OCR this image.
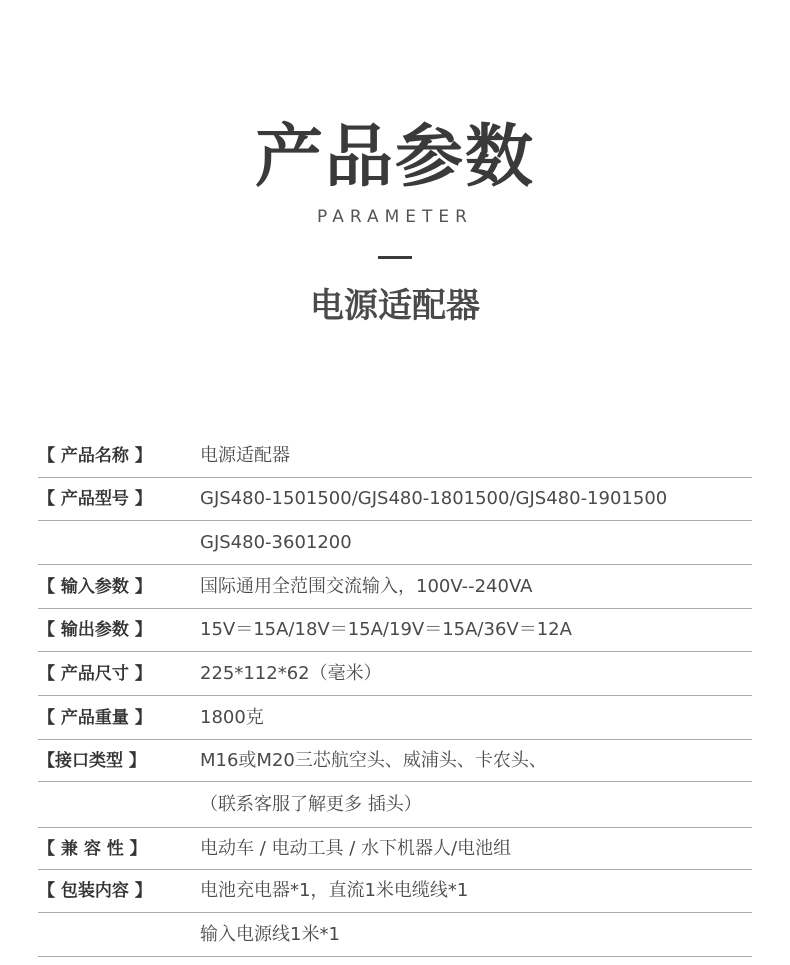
产品参数
PARAMETER
电源适配器
【 产品名称 】	电源适配器
【 产品型号 】	GJS480-1501500/GJS480-1801500/GJS480-1901500
GJS480-3601200
【 输入参数 】	国际通用全范围交流输入，100V--240VA
【 输出参数 】	15V＝15A/18V＝15A/19V＝15A/36V＝12A
【 产品尺寸 】	225*112*62（毫米）
【 产品重量 】	1800克
【接口类型 】	M16或M20三芯航空头、威浦头、卡农头、
（联系客服了解更多 插头）
【 兼 容 性 】	电动车 / 电动工具 / 水下机器人/电池组
【 包装内容 】	电池充电器*1，直流1米电缆线*1
输入电源线1米*1
